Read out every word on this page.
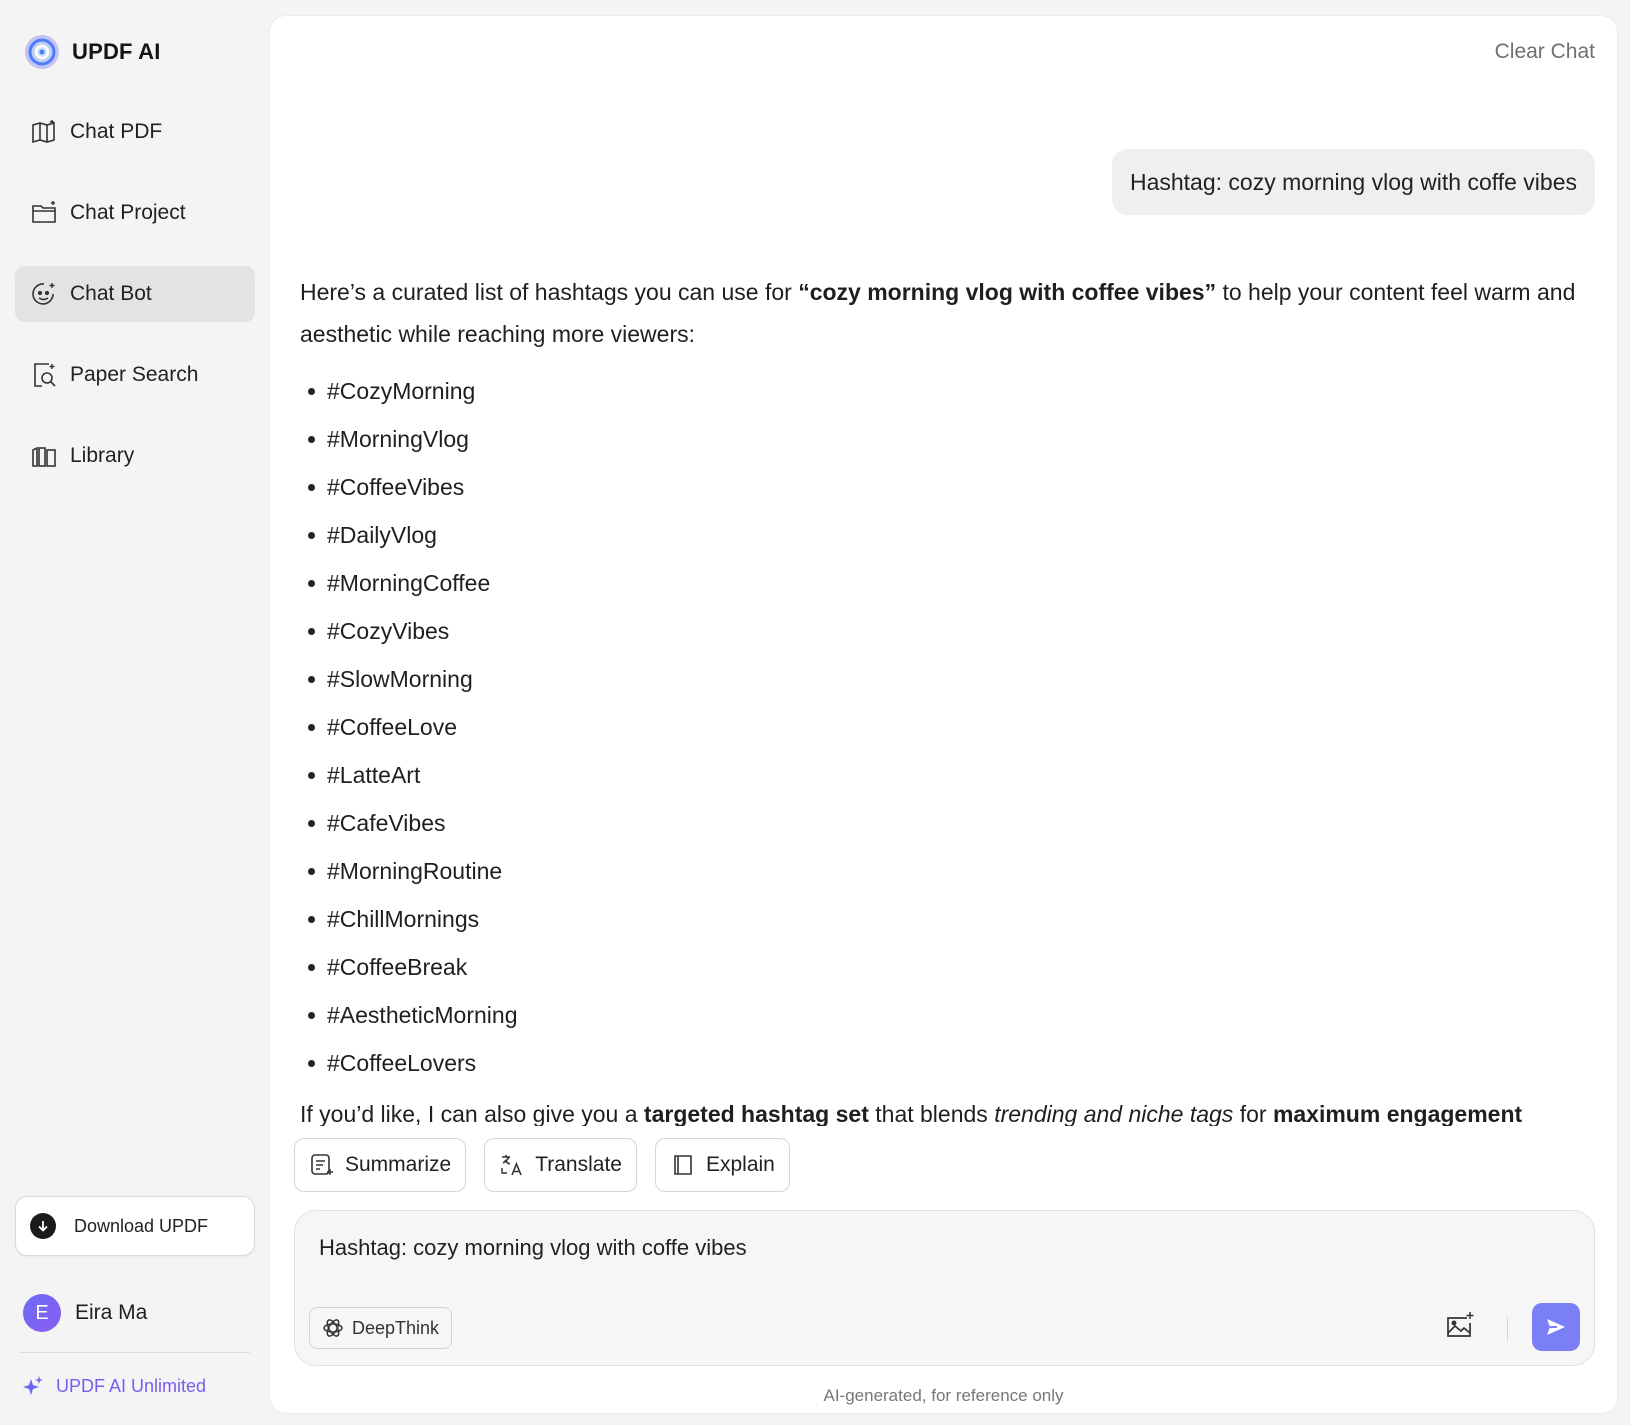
UPDF AI
Chat PDF
Chat Project
Chat Bot
Paper Search
Library
Download UPDF
E	Eira Ma
UPDF AI Unlimited
Clear Chat
Hashtag: cozy morning vlog with coffe vibes

Here’s a curated list of hashtags you can use for “cozy morning vlog with coffee vibes” to help your content feel warm and aesthetic while reaching more viewers:

#CozyMorning
#MorningVlog
#CoffeeVibes
#DailyVlog
#MorningCoffee
#CozyVibes
#SlowMorning
#CoffeeLove
#LatteArt
#CafeVibes
#MorningRoutine
#ChillMornings
#CoffeeBreak
#AestheticMorning
#CoffeeLovers

If you’d like, I can also give you a targeted hashtag set that blends trending and niche tags for maximum engagement

Summarize	Translate	Explain
Hashtag: cozy morning vlog with coffe vibes
DeepThink
AI-generated, for reference only
